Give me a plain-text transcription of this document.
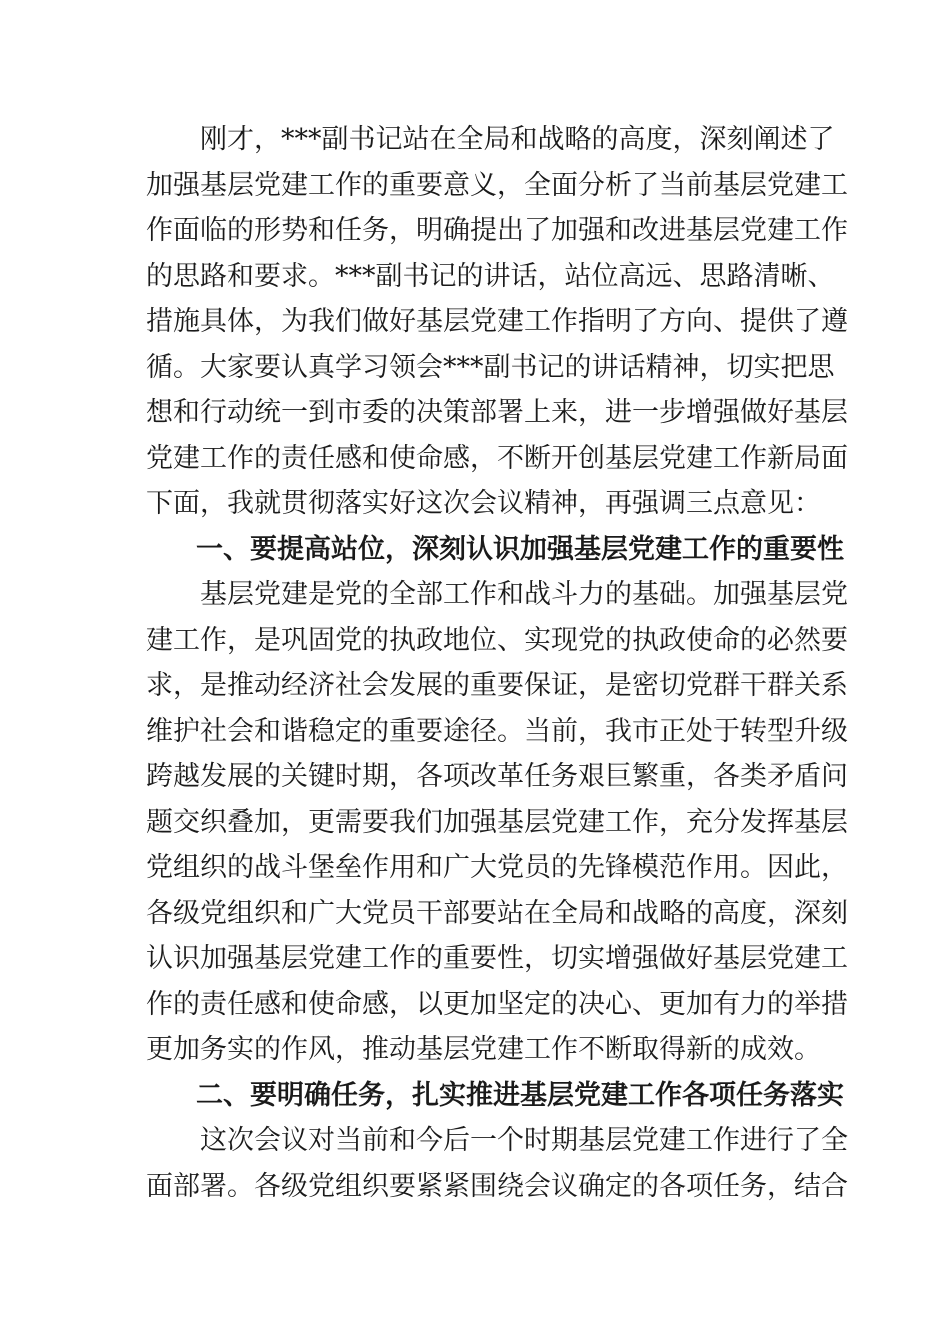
刚才，***副书记站在全局和战略的高度，深刻阐述了
加强基层党建工作的重要意义，全面分析了当前基层党建工
作面临的形势和任务，明确提出了加强和改进基层党建工作
的思路和要求。***副书记的讲话，站位高远、思路清晰、
措施具体，为我们做好基层党建工作指明了方向、提供了遵
循。大家要认真学习领会***副书记的讲话精神，切实把思
想和行动统一到市委的决策部署上来，进一步增强做好基层
党建工作的责任感和使命感，不断开创基层党建工作新局面
下面，我就贯彻落实好这次会议精神，再强调三点意见：
一、要提高站位，深刻认识加强基层党建工作的重要性
基层党建是党的全部工作和战斗力的基础。加强基层党
建工作，是巩固党的执政地位、实现党的执政使命的必然要
求，是推动经济社会发展的重要保证，是密切党群干群关系
维护社会和谐稳定的重要途径。当前，我市正处于转型升级
跨越发展的关键时期，各项改革任务艰巨繁重，各类矛盾问
题交织叠加，更需要我们加强基层党建工作，充分发挥基层
党组织的战斗堡垒作用和广大党员的先锋模范作用。因此，
各级党组织和广大党员干部要站在全局和战略的高度，深刻
认识加强基层党建工作的重要性，切实增强做好基层党建工
作的责任感和使命感，以更加坚定的决心、更加有力的举措
更加务实的作风，推动基层党建工作不断取得新的成效。
二、要明确任务，扎实推进基层党建工作各项任务落实
这次会议对当前和今后一个时期基层党建工作进行了全
面部署。各级党组织要紧紧围绕会议确定的各项任务，结合
